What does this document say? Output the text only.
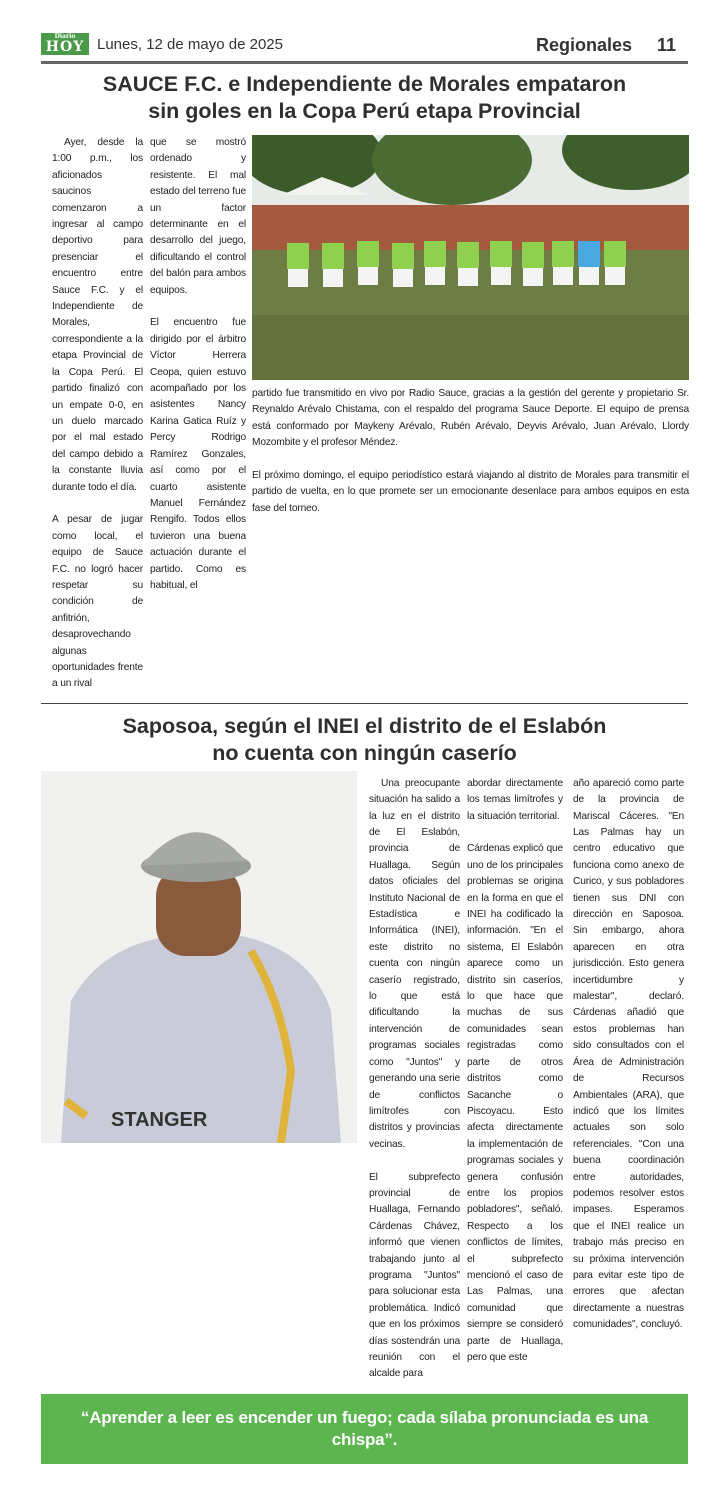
Diario
HOY Lunes, 12 de mayo de 2025	Regionales 11
SAUCE F.C. e Independiente de Morales empataron
sin goles en la Copa Perú etapa Provincial

Ayer, desde la 1:00 p.m., los aficionados saucinos comenzaron a ingresar al campo deportivo para presenciar el encuentro entre Sauce F.C. y el Independiente de Morales, correspondiente a la etapa Provincial de la Copa Perú. El partido finalizó con un empate 0-0, en un duelo marcado por el mal estado del campo debido a la constante lluvia durante todo el día.

A pesar de jugar como local, el equipo de Sauce F.C. no logró hacer respetar su condición de anfitrión, desaprovechando algunas oportunidades frente a un rival

que se mostró ordenado y resistente. El mal estado del terreno fue un factor determinante en el desarrollo del juego, dificultando el control del balón para ambos equipos.

El encuentro fue dirigido por el árbitro Víctor Herrera Ceopa, quien estuvo acompañado por los asistentes Nancy Karina Gatica Ruíz y Percy Rodrigo Ramírez Gonzales, así como por el cuarto asistente Manuel Fernández Rengifo. Todos ellos tuvieron una buena actuación durante el partido. Como es habitual, el

partido fue transmitido en vivo por Radio Sauce, gracias a la gestión del gerente y propietario Sr. Reynaldo Arévalo Chistama, con el respaldo del programa Sauce Deporte. El equipo de prensa está conformado por Maykeny Arévalo, Rubén Arévalo, Deyvis Arévalo, Juan Arévalo, Llordy Mozombite y el profesor Méndez.

El próximo domingo, el equipo periodístico estará viajando al distrito de Morales para transmitir el partido de vuelta, en lo que promete ser un emocionante desenlace para ambos equipos en esta fase del torneo.

Saposoa, según el INEI el distrito de el Eslabón
no cuenta con ningún caserío
STANGER

Una preocupante situación ha salido a la luz en el distrito de El Eslabón, provincia de Huallaga. Según datos oficiales del Instituto Nacional de Estadística e Informática (INEI), este distrito no cuenta con ningún caserío registrado, lo que está dificultando la intervención de programas sociales como "Juntos" y generando una serie de conflictos limítrofes con distritos y provincias vecinas.

El subprefecto provincial de Huallaga, Fernando Cárdenas Chávez, informó que vienen trabajando junto al programa "Juntos" para solucionar esta problemática. Indicó que en los próximos días sostendrán una reunión con el alcalde para

abordar directamente los temas limítrofes y la situación territorial.

Cárdenas explicó que uno de los principales problemas se origina en la forma en que el INEI ha codificado la información. "En el sistema, El Eslabón aparece como un distrito sin caseríos, lo que hace que muchas de sus comunidades sean registradas como parte de otros distritos como Sacanche o Piscoyacu. Esto afecta directamente la implementación de programas sociales y genera confusión entre los propios pobladores", señaló. Respecto a los conflictos de límites, el subprefecto mencionó el caso de Las Palmas, una comunidad que siempre se consideró parte de Huallaga, pero que este

año apareció como parte de la provincia de Mariscal Cáceres. "En Las Palmas hay un centro educativo que funciona como anexo de Curico, y sus pobladores tienen sus DNI con dirección en Saposoa. Sin embargo, ahora aparecen en otra jurisdicción. Esto genera incertidumbre y malestar", declaró. Cárdenas añadió que estos problemas han sido consultados con el Área de Administración de Recursos Ambientales (ARA), que indicó que los límites actuales son solo referenciales. "Con una buena coordinación entre autoridades, podemos resolver estos impases. Esperamos que el INEI realice un trabajo más preciso en su próxima intervención para evitar este tipo de errores que afectan directamente a nuestras comunidades", concluyó.

“Aprender a leer es encender un fuego; cada sílaba pronunciada es una chispa”.
